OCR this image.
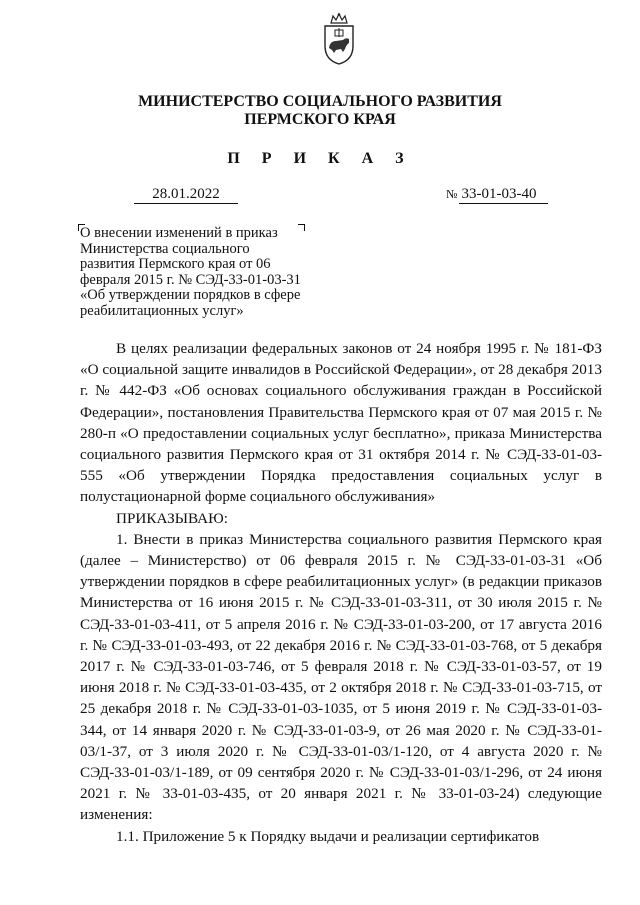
МИНИСТЕРСТВО СОЦИАЛЬНОГО РАЗВИТИЯ
ПЕРМСКОГО КРАЯ
П Р И К А З
28.01.2022	№ 33-01-03-40
О внесении изменений в приказ Министерства социального развития Пермского края от 06 февраля 2015 г. № СЭД-33-01-03-31 «Об утверждении порядков в сфере реабилитационных услуг»

В целях реализации федеральных законов от 24 ноября 1995 г. № 181-ФЗ «О социальной защите инвалидов в Российской Федерации», от 28 декабря 2013 г. № 442-ФЗ «Об основах социального обслуживания граждан в Российской Федерации», постановления Правительства Пермского края от 07 мая 2015 г. № 280-п «О предоставлении социальных услуг бесплатно», приказа Министерства социального развития Пермского края от 31 октября 2014 г. № СЭД-33-01-03-555 «Об утверждении Порядка предоставления социальных услуг в полустационарной форме социального обслуживания»

ПРИКАЗЫВАЮ:

1. Внести в приказ Министерства социального развития Пермского края (далее – Министерство) от 06 февраля 2015 г. № СЭД-33-01-03-31 «Об утверждении порядков в сфере реабилитационных услуг» (в редакции приказов Министерства от 16 июня 2015 г. № СЭД-33-01-03-311, от 30 июля 2015 г. № СЭД-33-01-03-411, от 5 апреля 2016 г. № СЭД-33-01-03-200, от 17 августа 2016 г. № СЭД-33-01-03-493, от 22 декабря 2016 г. № СЭД-33-01-03-768, от 5 декабря 2017 г. № СЭД-33-01-03-746, от 5 февраля 2018 г. № СЭД-33-01-03-57, от 19 июня 2018 г. № СЭД-33-01-03-435, от 2 октября 2018 г. № СЭД-33-01-03-715, от 25 декабря 2018 г. № СЭД-33-01-03-1035, от 5 июня 2019 г. № СЭД-33-01-03-344, от 14 января 2020 г. № СЭД-33-01-03-9, от 26 мая 2020 г. № СЭД-33-01-03/1-37, от 3 июля 2020 г. № СЭД-33-01-03/1-120, от 4 августа 2020 г. № СЭД-33-01-03/1-189, от 09 сентября 2020 г. № СЭД-33-01-03/1-296, от 24 июня 2021 г. № 33-01-03-435, от 20 января 2021 г. № 33-01-03-24) следующие изменения:

1.1. Приложение 5 к Порядку выдачи и реализации сертификатов
